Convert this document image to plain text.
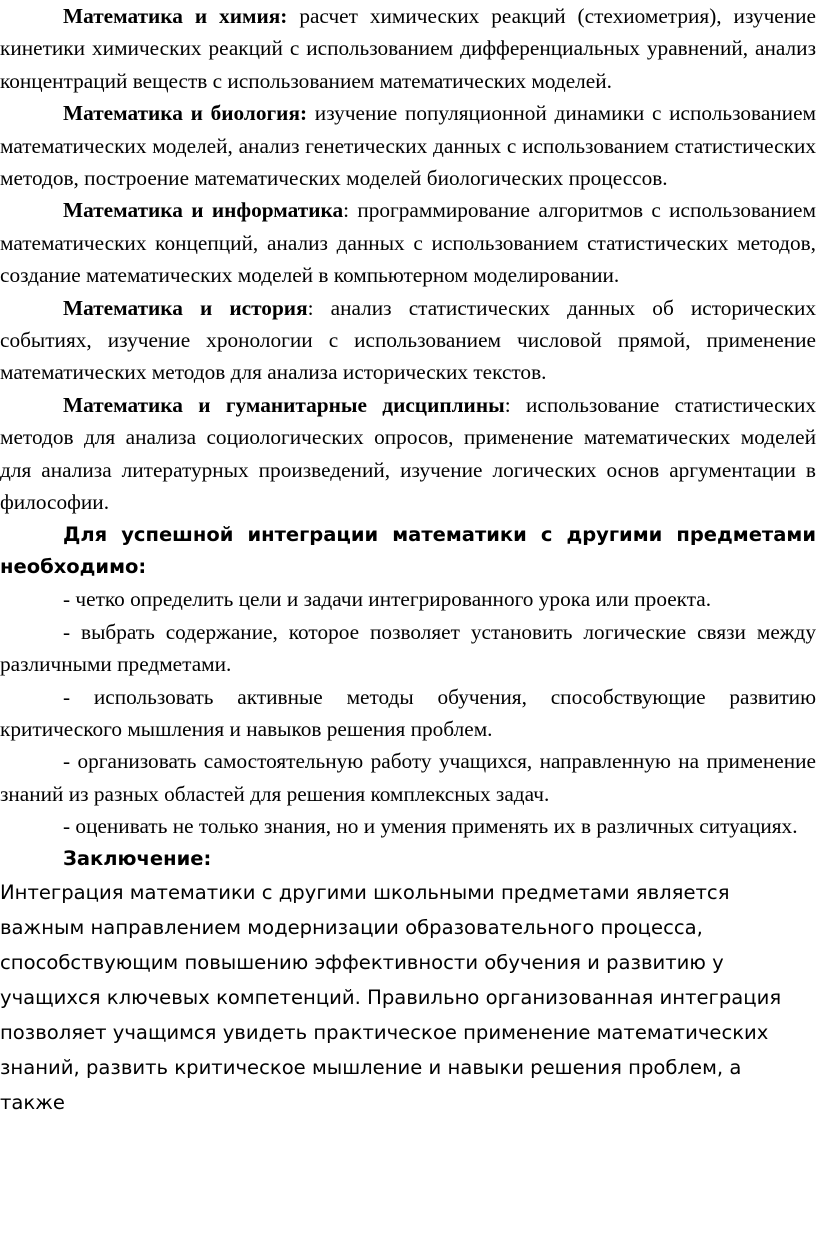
Математика и химия: расчет химических реакций (стехиометрия), изучение кинетики химических реакций с использованием дифференциальных уравнений, анализ концентраций веществ с использованием математических моделей.

Математика и биология: изучение популяционной динамики с использованием математических моделей, анализ генетических данных с использованием статистических методов, построение математических моделей биологических процессов.

Математика и информатика: программирование алгоритмов с использованием математических концепций, анализ данных с использованием статистических методов, создание математических моделей в компьютерном моделировании.

Математика и история: анализ статистических данных об исторических событиях, изучение хронологии с использованием числовой прямой, применение математических методов для анализа исторических текстов.

Математика и гуманитарные дисциплины: использование статистических методов для анализа социологических опросов, применение математических моделей для анализа литературных произведений, изучение логических основ аргументации в философии.

Для успешной интеграции математики с другими предметами необходимо:

- четко определить цели и задачи интегрированного урока или проекта.

- выбрать содержание, которое позволяет установить логические связи между различными предметами.

- использовать активные методы обучения, способствующие развитию критического мышления и навыков решения проблем.

- организовать самостоятельную работу учащихся, направленную на применение знаний из разных областей для решения комплексных задач.

- оценивать не только знания, но и умения применять их в различных ситуациях.

Заключение:

Интеграция математики с другими школьными предметами является

важным направлением модернизации образовательного процесса,

способствующим повышению эффективности обучения и развитию у

учащихся ключевых компетенций. Правильно организованная интеграция

позволяет учащимся увидеть практическое применение математических

знаний, развить критическое мышление и навыки решения проблем, а также
